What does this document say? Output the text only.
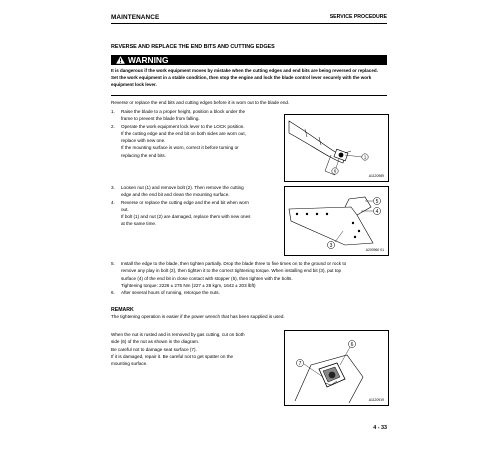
MAINTENANCE	SERVICE PROCEDURE
REVERSE AND REPLACE THE END BITS AND CUTTING EDGES
WARNING
It is dangerous if the work equipment moves by mistake when the cutting edges and end bits are being reversed or replaced.
Set the work equipment in a stable condition, then stop the engine and lock the blade control lever securely with the work
equipment lock lever.
Reverse or replace the end bits and cutting edges before it is worn out to the blade end.
1.	Raise the blade to a proper height, position a block under the
frame to prevent the blade from falling.
2.	Operate the work equipment lock lever to the LOCK position.
If the cutting edge and the end bit on both sides are worn out,
replace with new one.
If the mounting surface is worn, correct it before turning or
replacing the end bits.	1
6
A1120989
3.	Loosen nut (1) and remove bolt (2). Then remove the cutting
edge and the end bit and clean the mounting surface.
4.	Reverse or replace the cutting edge and the end bit when worn
out.
If bolt (1) and nut (2) are damaged, replace them with new ones
at the same time.
5
4
3
A200960 01
5.	Install the edge to the blade, then tighten partially. Drop the blade three to five times on to the ground or rock to
remove any play in bolt (2), then tighten it to the correct tightening torque. When installing end bit (3), put top
surface (4) of the end bit in close contact with stopper (5), then tighten with the bolts.
Tightening torque: 2226 ± 275 Nm (227 ± 28 kgm, 1642 ± 203 lbft)
6.	After several hours of running, retorque the nuts.
REMARK
The tightening operation is easier if the power wrench that has been supplied is used.
When the nut is rusted and is removed by gas cutting, cut on both
side (6) of the nut as shown in the diagram.
Be careful not to damage seat surface (7).
If it is damaged, repair it. Be careful not to get spatter on the
mounting surface.
6
7
A1120919
4 - 33
